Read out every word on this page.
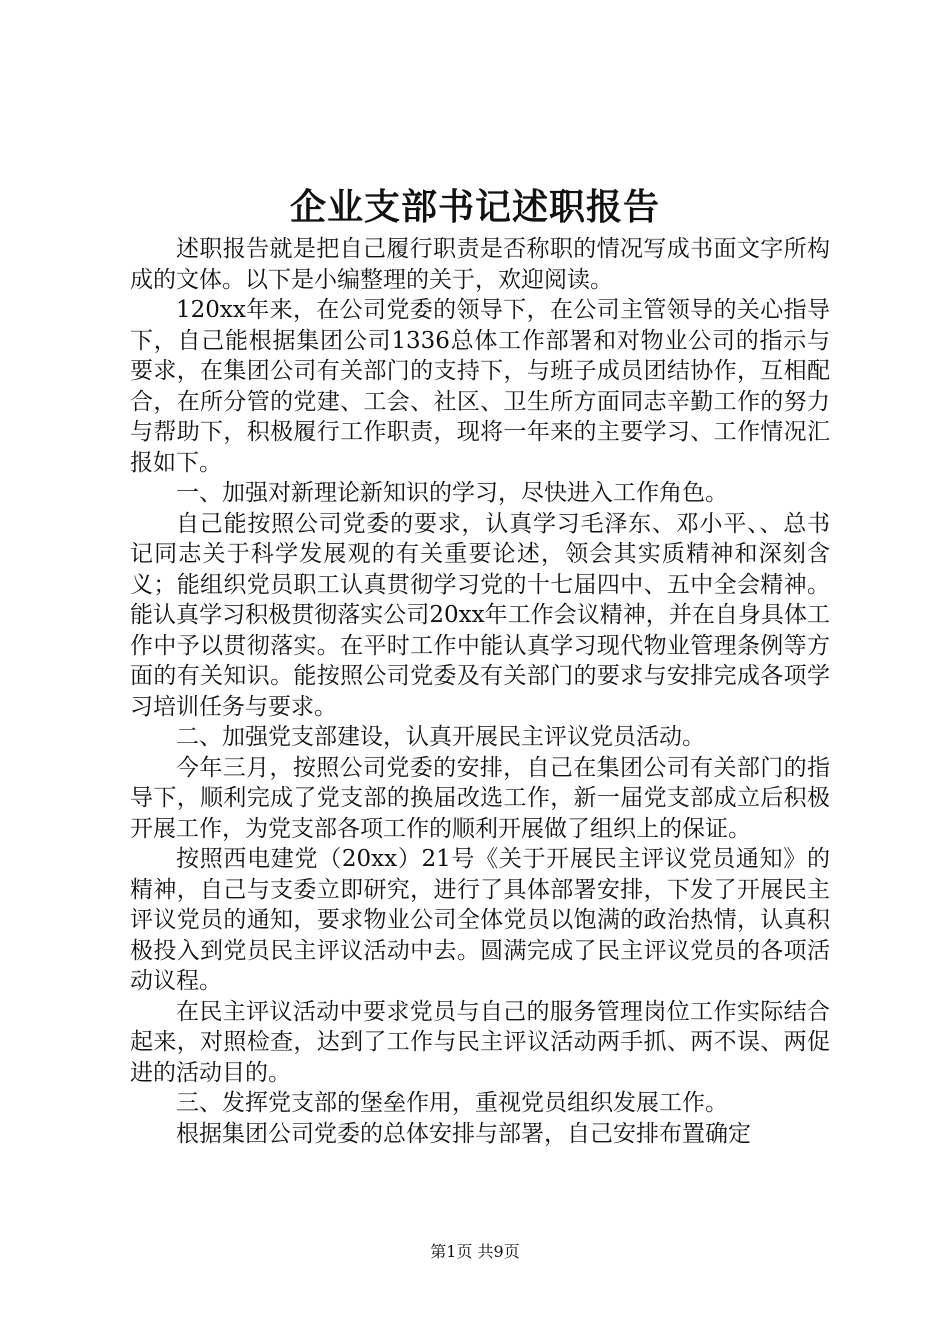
企业支部书记述职报告

述职报告就是把自己履行职责是否称职的情况写成书面文字所构成的文体。以下是小编整理的关于，欢迎阅读。

120xx年来，在公司党委的领导下，在公司主管领导的关心指导下，自己能根据集团公司1336总体工作部署和对物业公司的指示与要求，在集团公司有关部门的支持下，与班子成员团结协作，互相配合，在所分管的党建、工会、社区、卫生所方面同志辛勤工作的努力与帮助下，积极履行工作职责，现将一年来的主要学习、工作情况汇报如下。

一、加强对新理论新知识的学习，尽快进入工作角色。

自己能按照公司党委的要求，认真学习毛泽东、邓小平、、总书记同志关于科学发展观的有关重要论述，领会其实质精神和深刻含义；能组织党员职工认真贯彻学习党的十七届四中、五中全会精神。能认真学习积极贯彻落实公司20xx年工作会议精神，并在自身具体工作中予以贯彻落实。在平时工作中能认真学习现代物业管理条例等方面的有关知识。能按照公司党委及有关部门的要求与安排完成各项学习培训任务与要求。

二、加强党支部建设，认真开展民主评议党员活动。

今年三月，按照公司党委的安排，自己在集团公司有关部门的指导下，顺利完成了党支部的换届改选工作，新一届党支部成立后积极开展工作，为党支部各项工作的顺利开展做了组织上的保证。

按照西电建党（20xx）21号《关于开展民主评议党员通知》的精神，自己与支委立即研究，进行了具体部署安排，下发了开展民主评议党员的通知，要求物业公司全体党员以饱满的政治热情，认真积极投入到党员民主评议活动中去。圆满完成了民主评议党员的各项活动议程。

在民主评议活动中要求党员与自己的服务管理岗位工作实际结合起来，对照检查，达到了工作与民主评议活动两手抓、两不误、两促进的活动目的。

三、发挥党支部的堡垒作用，重视党员组织发展工作。

根据集团公司党委的总体安排与部署，自己安排布置确定

第1页 共9页
